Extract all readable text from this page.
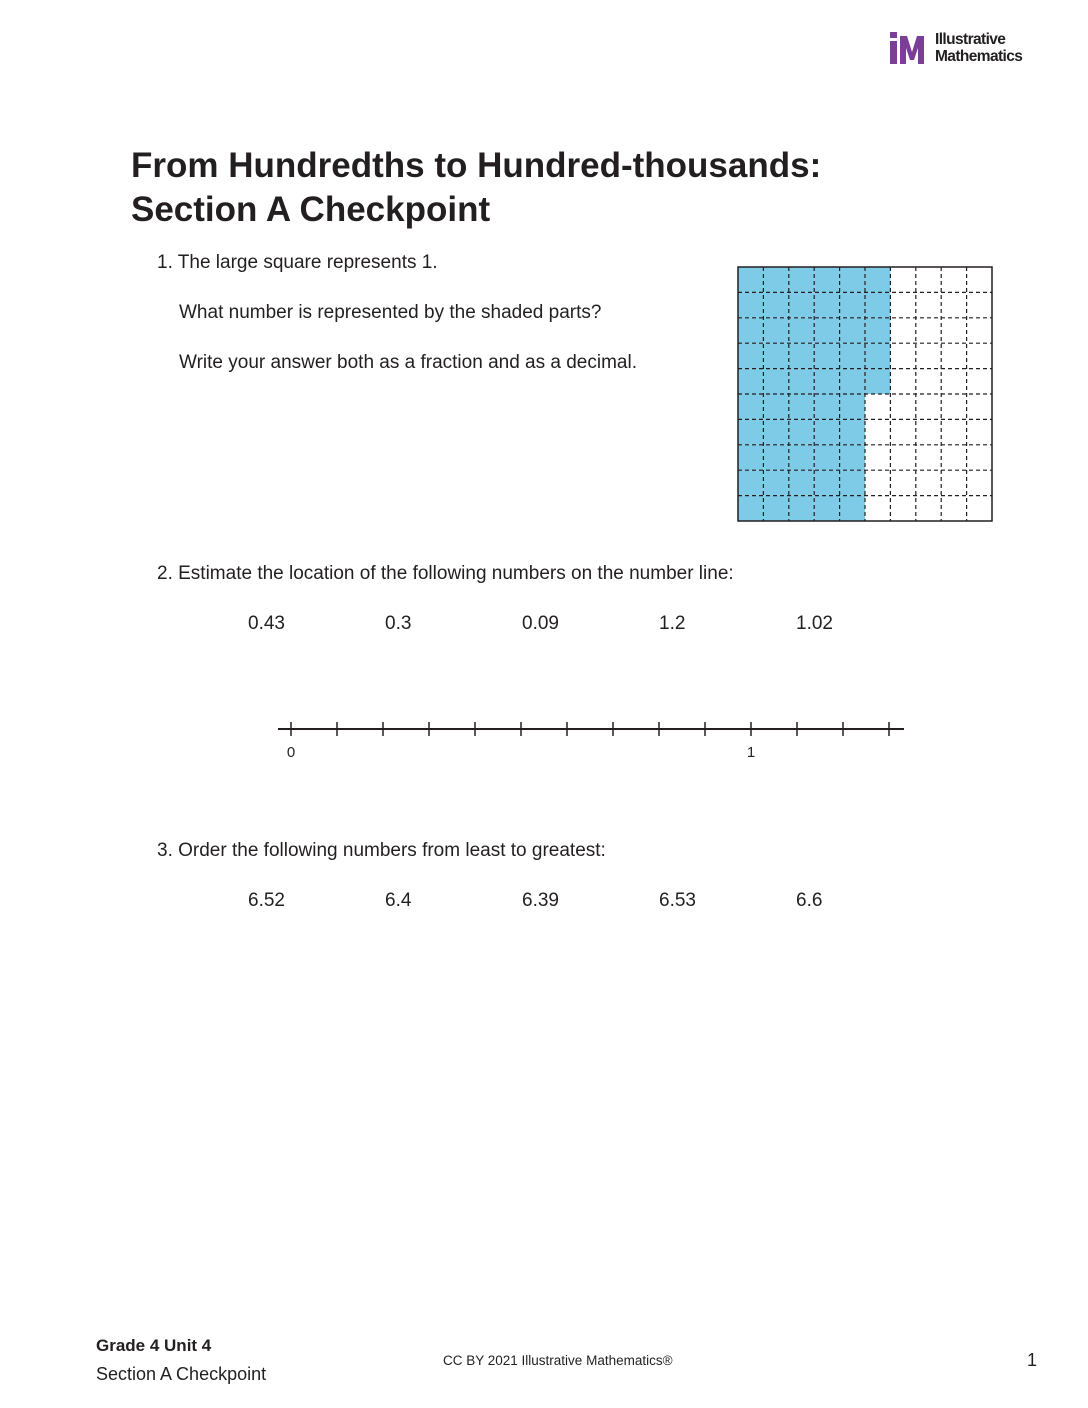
Illustrative
Mathematics
From Hundredths to Hundred-thousands:
Section A Checkpoint
1. The large square represents 1.
What number is represented by the shaded parts?
Write your answer both as a fraction and as a decimal.
2. Estimate the location of the following numbers on the number line:
0.43	0.3	0.09	1.2	1.02
0	1
3. Order the following numbers from least to greatest:
6.52	6.4	6.39	6.53	6.6
Grade 4 Unit 4
Section A Checkpoint
CC BY 2021 Illustrative Mathematics®	1
